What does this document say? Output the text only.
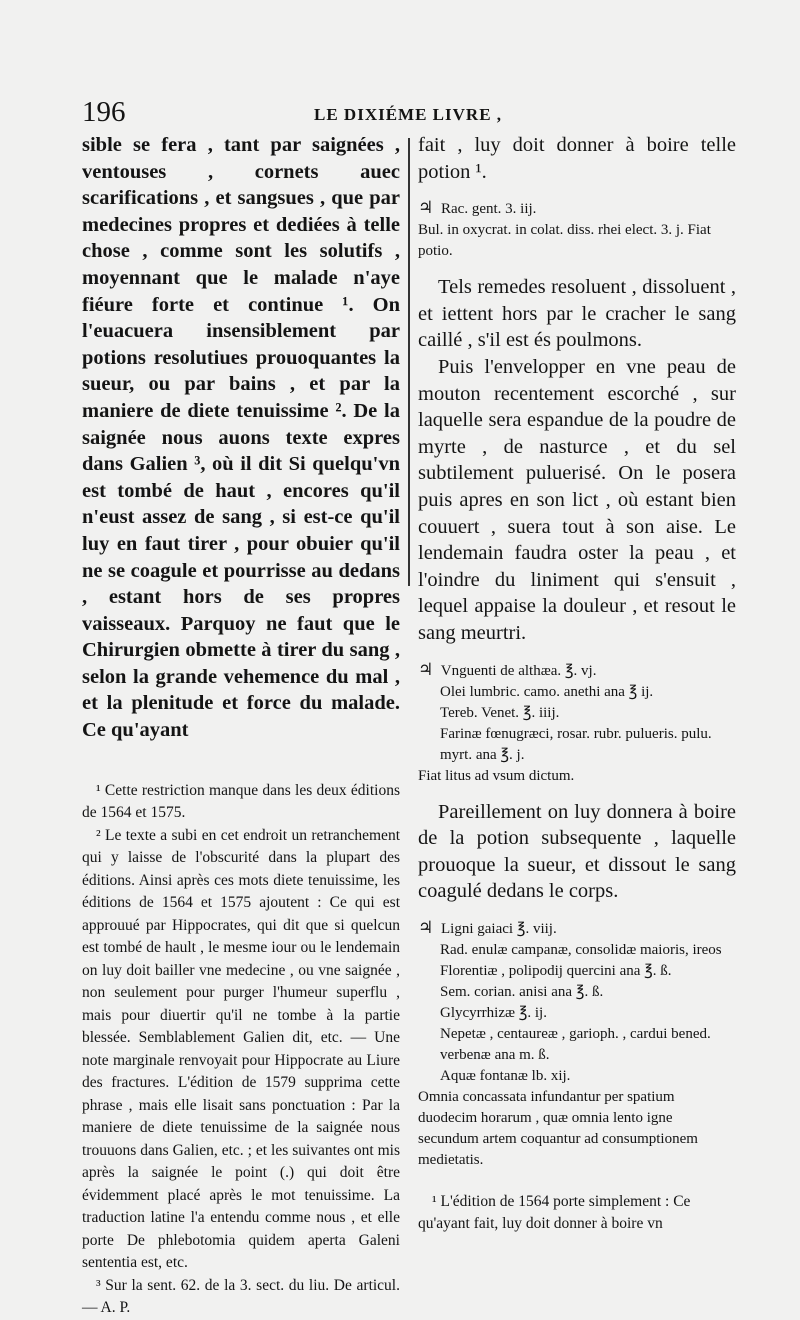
196	LE DIXIÉME LIVRE ,

sible se fera , tant par saignées , ventouses , cornets auec scarifications , et sangsues , que par medecines propres et dediées à telle chose , comme sont les solutifs , moyennant que le malade n'aye fiéure forte et continue ¹. On l'euacuera insensiblement par potions resolutiues prouoquantes la sueur, ou par bains , et par la maniere de diete tenuissime ². De la saignée nous auons texte expres dans Galien ³, où il dit Si quelqu'vn est tombé de haut , encores qu'il n'eust assez de sang , si est-ce qu'il luy en faut tirer , pour obuier qu'il ne se coagule et pourrisse au dedans , estant hors de ses propres vaisseaux. Parquoy ne faut que le Chirurgien obmette à tirer du sang , selon la grande vehemence du mal , et la plenitude et force du malade. Ce qu'ayant

¹ Cette restriction manque dans les deux éditions de 1564 et 1575.

² Le texte a subi en cet endroit un retranchement qui y laisse de l'obscurité dans la plupart des éditions. Ainsi après ces mots diete tenuissime, les éditions de 1564 et 1575 ajoutent : Ce qui est approuué par Hippocrates, qui dit que si quelcun est tombé de hault , le mesme iour ou le lendemain on luy doit bailler vne medecine , ou vne saignée , non seulement pour purger l'humeur superflu , mais pour diuertir qu'il ne tombe à la partie blessée. Semblablement Galien dit, etc. — Une note marginale renvoyait pour Hippocrate au Liure des fractures. L'édition de 1579 supprima cette phrase , mais elle lisait sans ponctuation : Par la maniere de diete tenuissime de la saignée nous trouuons dans Galien, etc. ; et les suivantes ont mis après la saignée le point (.) qui doit être évidemment placé après le mot tenuissime. La traduction latine l'a entendu comme nous , et elle porte De phlebotomia quidem aperta Galeni sententia est, etc.

³ Sur la sent. 62. de la 3. sect. du liu. De articul. — A. P.

fait , luy doit donner à boire telle potion ¹.

♃ Rac. gent. 3. iij.

Bul. in oxycrat. in colat. diss. rhei elect. 3. j. Fiat potio.

Tels remedes resoluent , dissoluent , et iettent hors par le cracher le sang caillé , s'il est és poulmons.

Puis l'envelopper en vne peau de mouton recentement escorché , sur laquelle sera espandue de la poudre de myrte , de nasturce , et du sel subtilement puluerisé. On le posera puis apres en son lict , où estant bien couuert , suera tout à son aise. Le lendemain faudra oster la peau , et l'oindre du liniment qui s'ensuit , lequel appaise la douleur , et resout le sang meurtri.

♃ Vnguenti de althæa. ℥. vj.

Olei lumbric. camo. anethi ana ℥ ij.

Tereb. Venet. ℥. iiij.

Farinæ fœnugræci, rosar. rubr. pulueris. pulu. myrt. ana ℥. j.

Fiat litus ad vsum dictum.

Pareillement on luy donnera à boire de la potion subsequente , laquelle prouoque la sueur, et dissout le sang coagulé dedans le corps.

♃ Ligni gaiaci ℥. viij.

Rad. enulæ campanæ, consolidæ maioris, ireos Florentiæ , polipodij quercini ana ℥. ß.

Sem. corian. anisi ana ℥. ß.

Glycyrrhizæ ℥. ij.

Nepetæ , centaureæ , garioph. , cardui bened. verbenæ ana m. ß.

Aquæ fontanæ lb. xij.

Omnia concassata infundantur per spatium duodecim horarum , quæ omnia lento igne secundum artem coquantur ad consumptionem medietatis.

¹ L'édition de 1564 porte simplement : Ce qu'ayant fait, luy doit donner à boire vn
